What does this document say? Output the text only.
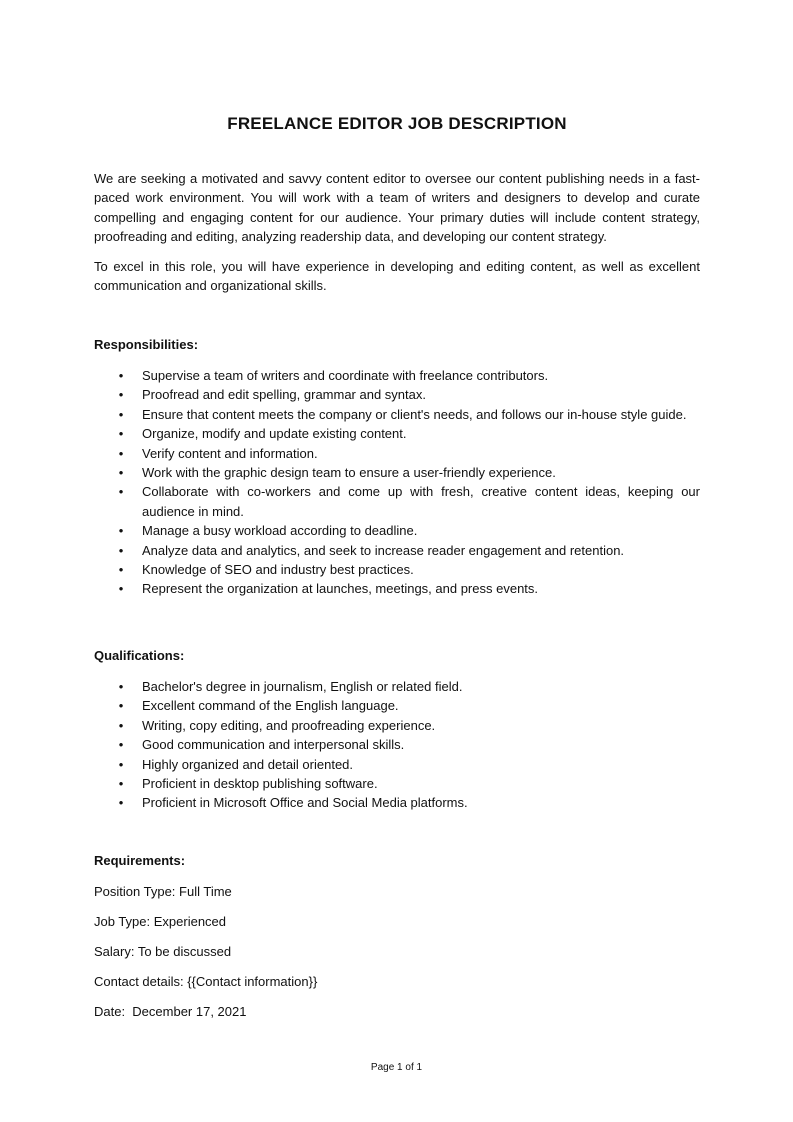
FREELANCE EDITOR JOB DESCRIPTION

We are seeking a motivated and savvy content editor to oversee our content publishing needs in a fast-paced work environment. You will work with a team of writers and designers to develop and curate compelling and engaging content for our audience. Your primary duties will include content strategy, proofreading and editing, analyzing readership data, and developing our content strategy.

To excel in this role, you will have experience in developing and editing content, as well as excellent communication and organizational skills.

Responsibilities:

• Supervise a team of writers and coordinate with freelance contributors.
• Proofread and edit spelling, grammar and syntax.
• Ensure that content meets the company or client's needs, and follows our in-house style guide.
• Organize, modify and update existing content.
• Verify content and information.
• Work with the graphic design team to ensure a user-friendly experience.
• Collaborate with co-workers and come up with fresh, creative content ideas, keeping our audience in mind.
• Manage a busy workload according to deadline.
• Analyze data and analytics, and seek to increase reader engagement and retention.
• Knowledge of SEO and industry best practices.
• Represent the organization at launches, meetings, and press events.

Qualifications:

• Bachelor's degree in journalism, English or related field.
• Excellent command of the English language.
• Writing, copy editing, and proofreading experience.
• Good communication and interpersonal skills.
• Highly organized and detail oriented.
• Proficient in desktop publishing software.
• Proficient in Microsoft Office and Social Media platforms.

Requirements:

Position Type: Full Time

Job Type: Experienced

Salary: To be discussed

Contact details: {{Contact information}}

Date:  December 17, 2021

Page 1 of 1
